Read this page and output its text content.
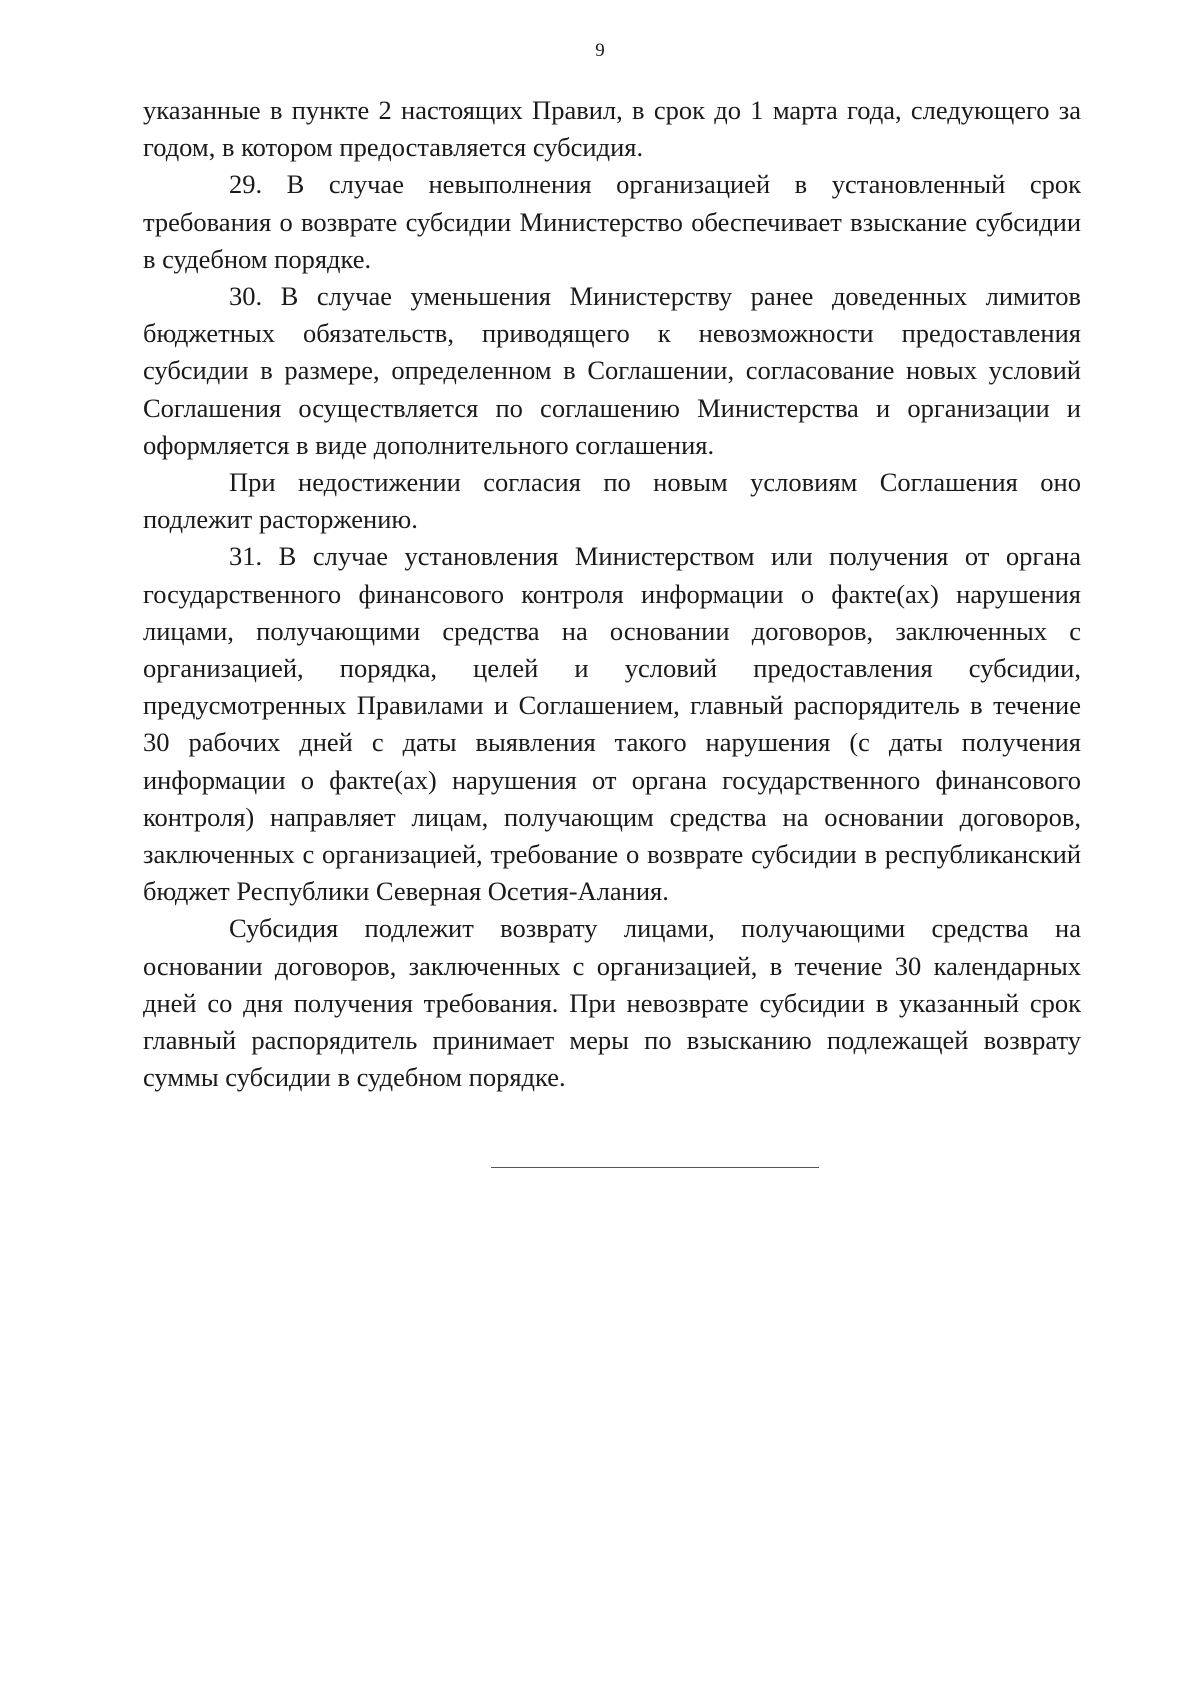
9

указанные в пункте 2 настоящих Правил, в срок до 1 марта года, следующего за годом, в котором предоставляется субсидия.

29. В случае невыполнения организацией в установленный срок требования о возврате субсидии Министерство обеспечивает взыскание субсидии в судебном порядке.

30. В случае уменьшения Министерству ранее доведенных лимитов бюджетных обязательств, приводящего к невозможности предоставления субсидии в размере, определенном в Соглашении, согласование новых условий Соглашения осуществляется по соглашению Министерства и организации и оформляется в виде дополнительного соглашения.

При недостижении согласия по новым условиям Соглашения оно подлежит расторжению.

31. В случае установления Министерством или получения от органа государственного финансового контроля информации о факте(ах) нарушения лицами, получающими средства на основании договоров, заключенных с организацией, порядка, целей и условий предоставления субсидии, предусмотренных Правилами и Соглашением, главный распорядитель в течение 30 рабочих дней с даты выявления такого нарушения (с даты получения информации о факте(ах) нарушения от органа государственного финансового контроля) направляет лицам, получающим средства на основании договоров, заключенных с организацией, требование о возврате субсидии в республиканский бюджет Республики Северная Осетия-Алания.

Субсидия подлежит возврату лицами, получающими средства на основании договоров, заключенных с организацией, в течение 30 календарных дней со дня получения требования. При невозврате субсидии в указанный срок главный распорядитель принимает меры по взысканию подлежащей возврату суммы субсидии в судебном порядке.
